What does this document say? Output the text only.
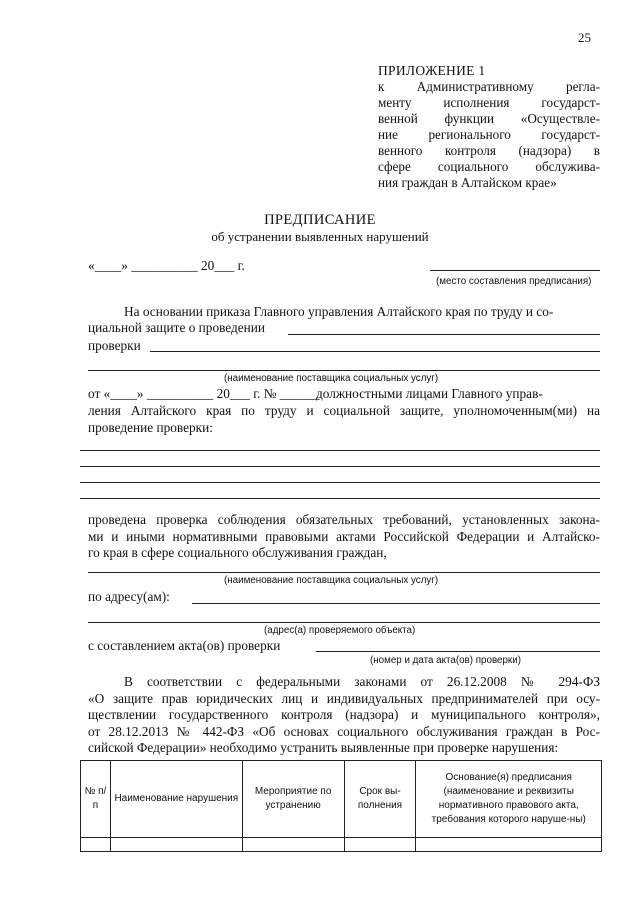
25
ПРИЛОЖЕНИЕ 1
к Административному регла-
менту исполнения государст-
венной функции «Осуществле-
ние регионального государст-
венного контроля (надзора) в
сфере социального обслужива-
ния граждан в Алтайском крае»
ПРЕДПИСАНИЕ
об устранении выявленных нарушений
«____» __________ 20___ г.
(место составления предписания)
На основании приказа Главного управления Алтайского края по труду и со-
циальной защите о проведении
проверки
(наименование поставщика социальных услуг)
от «____» __________ 20___ г. № ______
должностными лицами Главного управ-
ления Алтайского края по труду и социальной защите, уполномоченным(ми) на
проведение проверки:
проведена проверка соблюдения обязательных требований, установленных закона-
ми и иными нормативными правовыми актами Российской Федерации и Алтайско-
го края в сфере социального обслуживания граждан,
(наименование поставщика социальных услуг)
по адресу(ам):
(адрес(а) проверяемого объекта)
с составлением акта(ов) проверки
(номер и дата акта(ов) проверки)
В соответствии с федеральными законами от 26.12.2008 № 294-ФЗ
«О защите прав юридических лиц и индивидуальных предпринимателей при осу-
ществлении государственного контроля (надзора) и муниципального контроля»,
от 28.12.2013 № 442-ФЗ «Об основах социального обслуживания граждан в Рос-
сийской Федерации» необходимо устранить выявленные при проверке нарушения:
№ п/п	Наименование нарушения	Мероприятие по устранению	Срок вы-полнения	Основание(я) предписания (наименование и реквизиты нормативного правового акта, требования которого наруше-ны)
